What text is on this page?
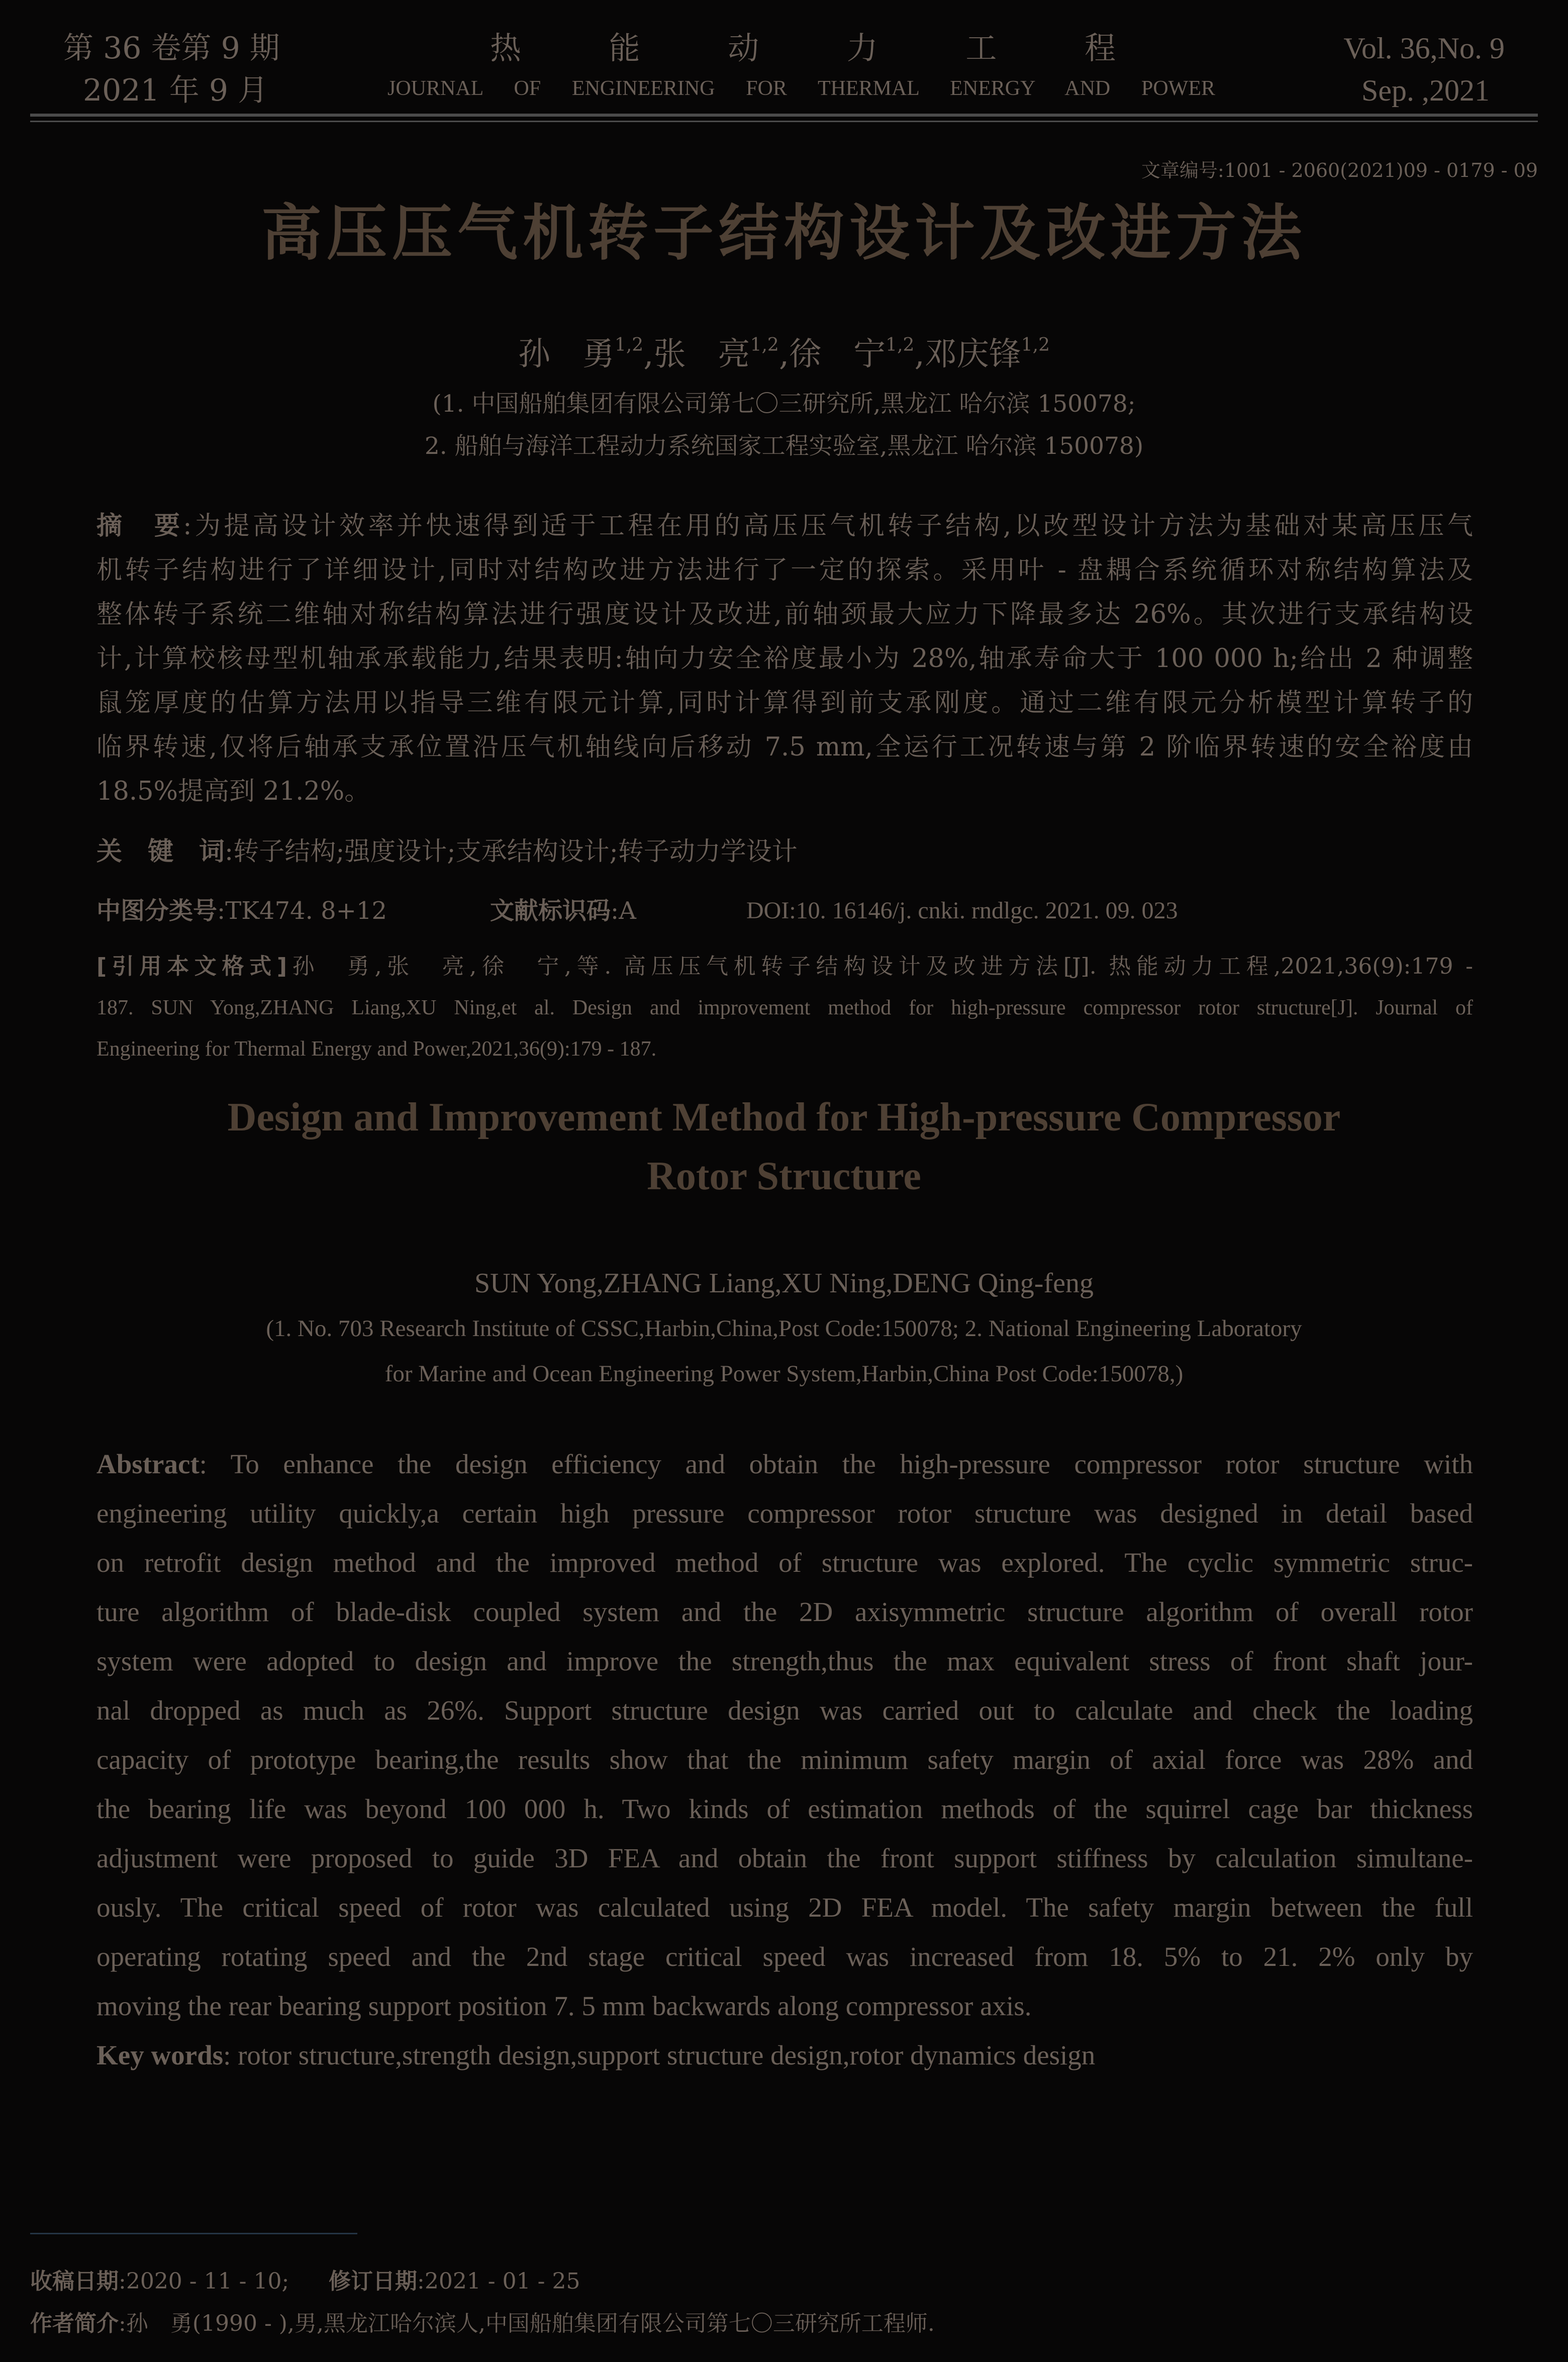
第 36 卷第 9 期
2021 年 9 月
热 能 动 力 工 程
JOURNAL OF ENGINEERING FOR THERMAL ENERGY AND POWER
Vol. 36,No. 9
Sep. ,2021
文章编号:1001 - 2060(2021)09 - 0179 - 09
高压压气机转子结构设计及改进方法
孙　勇$^{1,2}$,张　亮$^{1,2}$,徐　宁$^{1,2}$,邓庆锋$^{1,2}$
(1. 中国船舶集团有限公司第七〇三研究所,黑龙江 哈尔滨 150078;
2. 船舶与海洋工程动力系统国家工程实验室,黑龙江 哈尔滨 150078)
摘　要:为提高设计效率并快速得到适于工程在用的高压压气机转子结构,以改型设计方法为基础对某高压压气
机转子结构进行了详细设计,同时对结构改进方法进行了一定的探索。采用叶 - 盘耦合系统循环对称结构算法及
整体转子系统二维轴对称结构算法进行强度设计及改进,前轴颈最大应力下降最多达 26%。其次进行支承结构设
计,计算校核母型机轴承承载能力,结果表明:轴向力安全裕度最小为 28%,轴承寿命大于 100 000 h;给出 2 种调整
鼠笼厚度的估算方法用以指导三维有限元计算,同时计算得到前支承刚度。通过二维有限元分析模型计算转子的
临界转速,仅将后轴承支承位置沿压气机轴线向后移动 7.5 mm,全运行工况转速与第 2 阶临界转速的安全裕度由
18.5%提高到 21.2%。
关　键　词:转子结构;强度设计;支承结构设计;转子动力学设计
中图分类号:TK474. 8+12	文献标识码:A	DOI:10. 16146/j. cnki. rndlgc. 2021. 09. 023
[引用本文格式]孙　勇,张　亮,徐　宁,等. 高压压气机转子结构设计及改进方法[J]. 热能动力工程,2021,36(9):179 -
187. SUN Yong,ZHANG Liang,XU Ning,et al. Design and improvement method for high-pressure compressor rotor structure[J]. Journal of
Engineering for Thermal Energy and Power,2021,36(9):179 - 187.
Design and Improvement Method for High-pressure Compressor
Rotor Structure
SUN Yong,ZHANG Liang,XU Ning,DENG Qing-feng
(1. No. 703 Research Institute of CSSC,Harbin,China,Post Code:150078; 2. National Engineering Laboratory
for Marine and Ocean Engineering Power System,Harbin,China Post Code:150078,)
Abstract: To enhance the design efficiency and obtain the high-pressure compressor rotor structure with
engineering utility quickly,a certain high pressure compressor rotor structure was designed in detail based
on retrofit design method and the improved method of structure was explored. The cyclic symmetric struc-
ture algorithm of blade-disk coupled system and the 2D axisymmetric structure algorithm of overall rotor
system were adopted to design and improve the strength,thus the max equivalent stress of front shaft jour-
nal dropped as much as 26%. Support structure design was carried out to calculate and check the loading
capacity of prototype bearing,the results show that the minimum safety margin of axial force was 28% and
the bearing life was beyond 100 000 h. Two kinds of estimation methods of the squirrel cage bar thickness
adjustment were proposed to guide 3D FEA and obtain the front support stiffness by calculation simultane-
ously. The critical speed of rotor was calculated using 2D FEA model. The safety margin between the full
operating rotating speed and the 2nd stage critical speed was increased from 18. 5% to 21. 2% only by
moving the rear bearing support position 7. 5 mm backwards along compressor axis.
Key words: rotor structure,strength design,support structure design,rotor dynamics design
收稿日期:2020 - 11 - 10; 修订日期:2021 - 01 - 25
作者简介:孙　勇(1990 - ),男,黑龙江哈尔滨人,中国船舶集团有限公司第七〇三研究所工程师.
